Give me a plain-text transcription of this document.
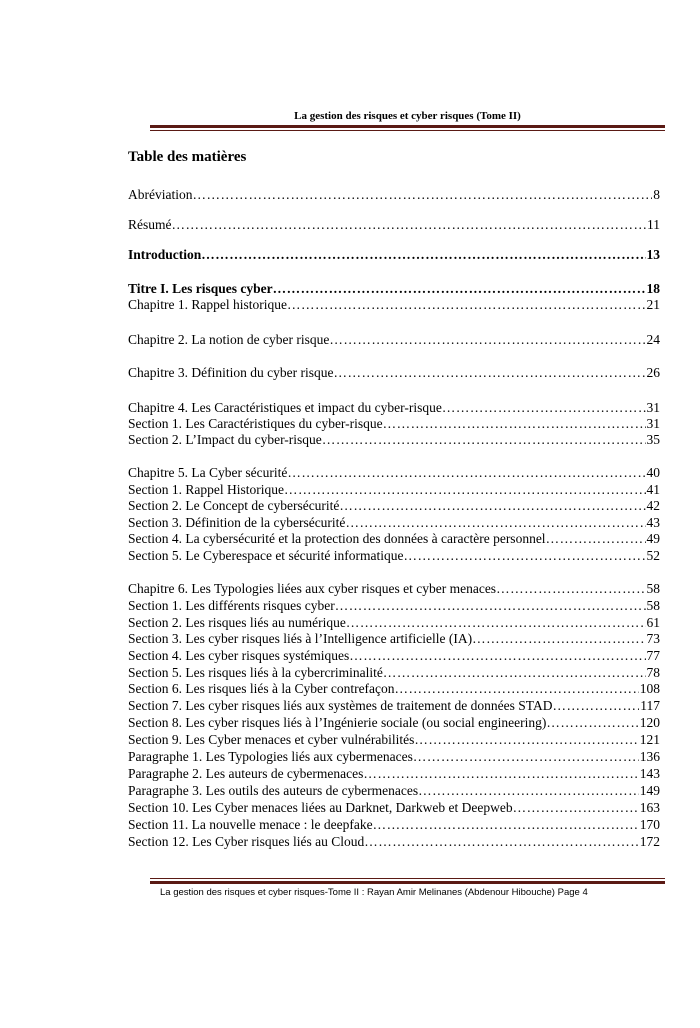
La gestion des risques et cyber risques (Tome II)
Table des matières
Abréviation ………………………………………………………………………………………………………………………………………………	8
Résumé ………………………………………………………………………………………………………………………………………………	11
Introduction ………………………………………………………………………………………………………………………………………………	13
Titre I. Les risques cyber ………………………………………………………………………………………………………………………………………………	18
Chapitre 1. Rappel historique ………………………………………………………………………………………………………………………………………………	21
Chapitre 2. La notion de cyber risque ………………………………………………………………………………………………………………………………………………	24
Chapitre 3. Définition du cyber risque ………………………………………………………………………………………………………………………………………………	26
Chapitre 4. Les Caractéristiques et impact du cyber-risque ………………………………………………………………………………………………………………………………………………	31
Section 1. Les Caractéristiques du cyber-risque ………………………………………………………………………………………………………………………………………………	31
Section 2. L’Impact du cyber-risque ………………………………………………………………………………………………………………………………………………	35
Chapitre 5. La Cyber sécurité ………………………………………………………………………………………………………………………………………………	40
Section 1. Rappel Historique ………………………………………………………………………………………………………………………………………………	41
Section 2. Le Concept de cybersécurité ………………………………………………………………………………………………………………………………………………	42
Section 3. Définition de la cybersécurité ………………………………………………………………………………………………………………………………………………	43
Section 4. La cybersécurité et la protection des données à caractère personnel ………………………………………………………………………………………………………………………………………………	49
Section 5. Le Cyberespace et sécurité informatique ………………………………………………………………………………………………………………………………………………	52
Chapitre 6. Les Typologies liées aux cyber risques et cyber menaces ………………………………………………………………………………………………………………………………………………	58
Section 1. Les différents risques cyber ………………………………………………………………………………………………………………………………………………	58
Section 2. Les risques liés au numérique ………………………………………………………………………………………………………………………………………………	61
Section 3. Les cyber risques liés à l’Intelligence artificielle (IA) ………………………………………………………………………………………………………………………………………………	73
Section 4. Les cyber risques systémiques ………………………………………………………………………………………………………………………………………………	77
Section 5. Les risques liés à la cybercriminalité ………………………………………………………………………………………………………………………………………………	78
Section 6. Les risques liés à la Cyber contrefaçon ………………………………………………………………………………………………………………………………………………	108
Section 7. Les cyber risques liés aux systèmes de traitement de données STAD ………………………………………………………………………………………………………………………………………………	117
Section 8. Les cyber risques liés à l’Ingénierie sociale (ou social engineering) ………………………………………………………………………………………………………………………………………………	120
Section 9. Les Cyber menaces et cyber vulnérabilités ………………………………………………………………………………………………………………………………………………	121
Paragraphe 1. Les Typologies liés aux cybermenaces ………………………………………………………………………………………………………………………………………………	136
Paragraphe 2. Les auteurs de cybermenaces ………………………………………………………………………………………………………………………………………………	143
Paragraphe 3. Les outils des auteurs de cybermenaces ………………………………………………………………………………………………………………………………………………	149
Section 10. Les Cyber menaces liées au Darknet, Darkweb et Deepweb ………………………………………………………………………………………………………………………………………………	163
Section 11. La nouvelle menace : le deepfake ………………………………………………………………………………………………………………………………………………	170
Section 12. Les Cyber risques liés au Cloud ………………………………………………………………………………………………………………………………………………	172
La gestion des risques et cyber risques-Tome II : Rayan Amir Melinanes (Abdenour Hibouche) Page 4
